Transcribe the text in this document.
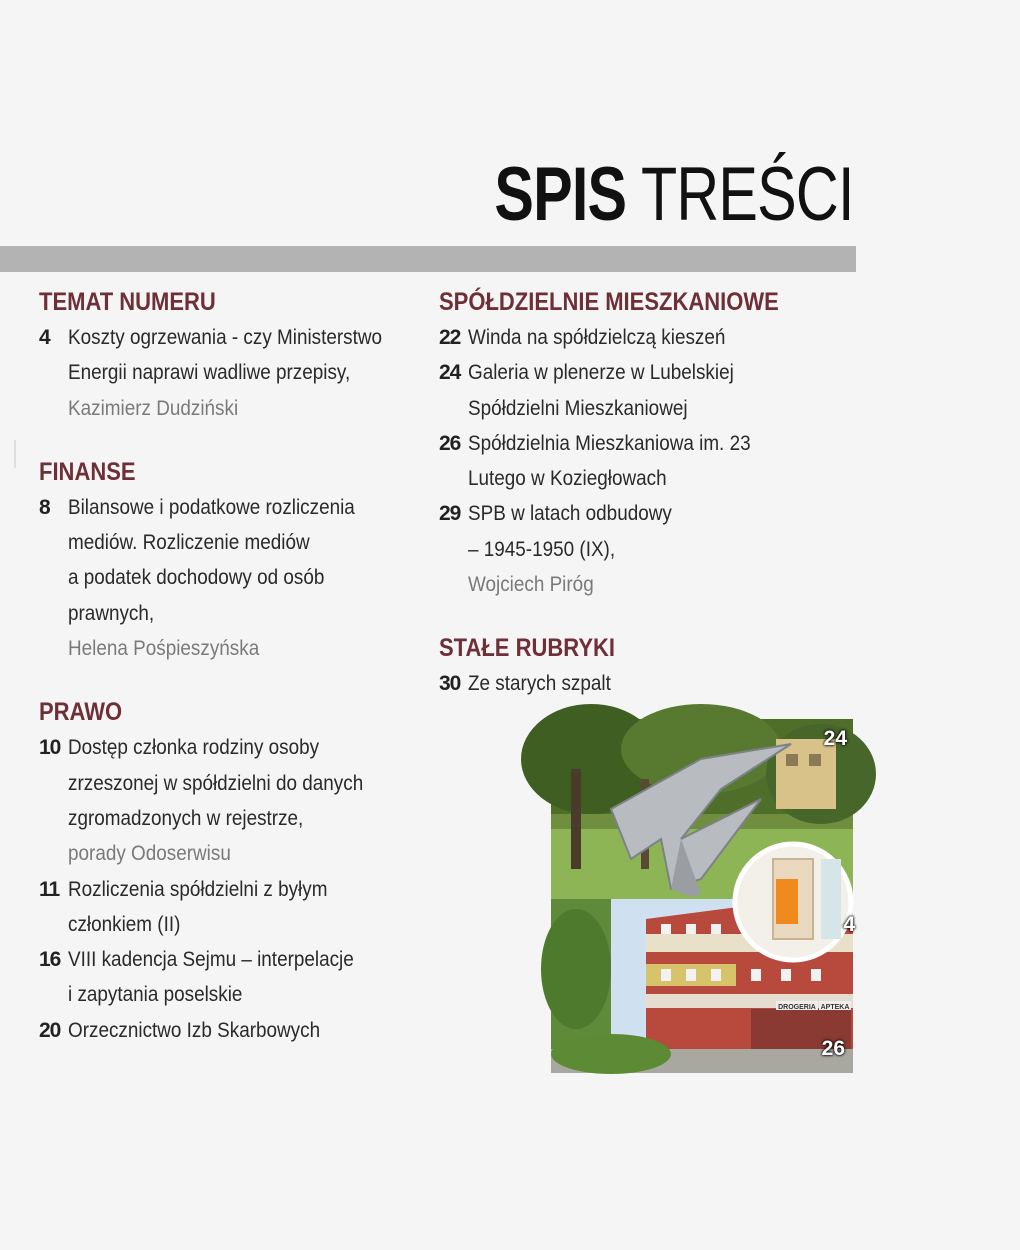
SPIS TREŚCI
TEMAT NUMERU
4 Koszty ogrzewania - czy Ministerstwo
Energii naprawi wadliwe przepisy,
Kazimierz Dudziński
FINANSE
8 Bilansowe i podatkowe rozliczenia
mediów. Rozliczenie mediów
a podatek dochodowy od osób
prawnych,
Helena Pośpieszyńska
PRAWO
10 Dostęp członka rodziny osoby
zrzeszonej w spółdzielni do danych
zgromadzonych w rejestrze,
porady Odoserwisu
11 Rozliczenia spółdzielni z byłym
członkiem (II)
16 VIII kadencja Sejmu – interpelacje
i zapytania poselskie
20 Orzecznictwo Izb Skarbowych
SPÓŁDZIELNIE MIESZKANIOWE
22 Winda na spółdzielczą kieszeń
24 Galeria w plenerze w Lubelskiej
Spółdzielni Mieszkaniowej
26 Spółdzielnia Mieszkaniowa im. 23
Lutego w Koziegłowach
29 SPB w latach odbudowy
– 1945-1950 (IX),
Wojciech Piróg
STAŁE RUBRYKI
30 Ze starych szpalt
DROGERIA APTEKA
24
4
26
